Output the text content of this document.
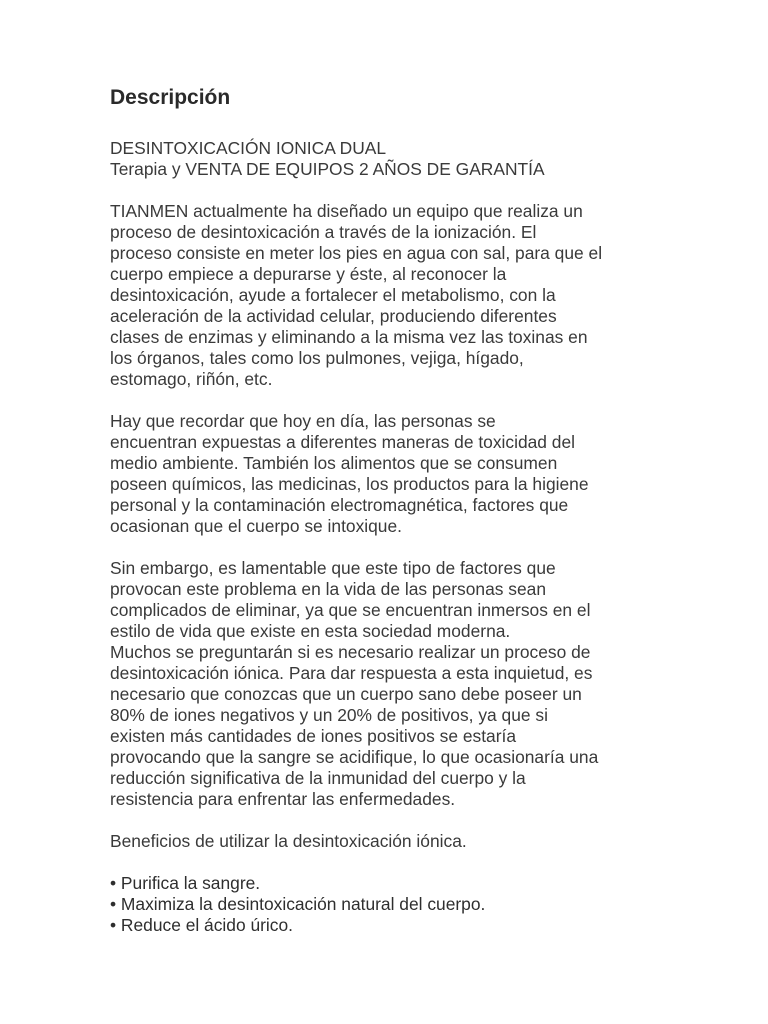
Descripción

DESINTOXICACIÓN IONICA DUAL

Terapia y VENTA DE EQUIPOS 2 AÑOS DE GARANTÍA

TIANMEN actualmente ha diseñado un equipo que realiza un

proceso de desintoxicación a través de la ionización. El

proceso consiste en meter los pies en agua con sal, para que el

cuerpo empiece a depurarse y éste, al reconocer la

desintoxicación, ayude a fortalecer el metabolismo, con la

aceleración de la actividad celular, produciendo diferentes

clases de enzimas y eliminando a la misma vez las toxinas en

los órganos, tales como los pulmones, vejiga, hígado,

estomago, riñón, etc.

Hay que recordar que hoy en día, las personas se

encuentran expuestas a diferentes maneras de toxicidad del

medio ambiente. También los alimentos que se consumen

poseen químicos, las medicinas, los productos para la higiene

personal y la contaminación electromagnética, factores que

ocasionan que el cuerpo se intoxique.

Sin embargo, es lamentable que este tipo de factores que

provocan este problema en la vida de las personas sean

complicados de eliminar, ya que se encuentran inmersos en el

estilo de vida que existe en esta sociedad moderna.

Muchos se preguntarán si es necesario realizar un proceso de

desintoxicación iónica. Para dar respuesta a esta inquietud, es

necesario que conozcas que un cuerpo sano debe poseer un

80% de iones negativos y un 20% de positivos, ya que si

existen más cantidades de iones positivos se estaría

provocando que la sangre se acidifique, lo que ocasionaría una

reducción significativa de la inmunidad del cuerpo y la

resistencia para enfrentar las enfermedades.

Beneficios de utilizar la desintoxicación iónica.

• Purifica la sangre.

• Maximiza la desintoxicación natural del cuerpo.

• Reduce el ácido úrico.
